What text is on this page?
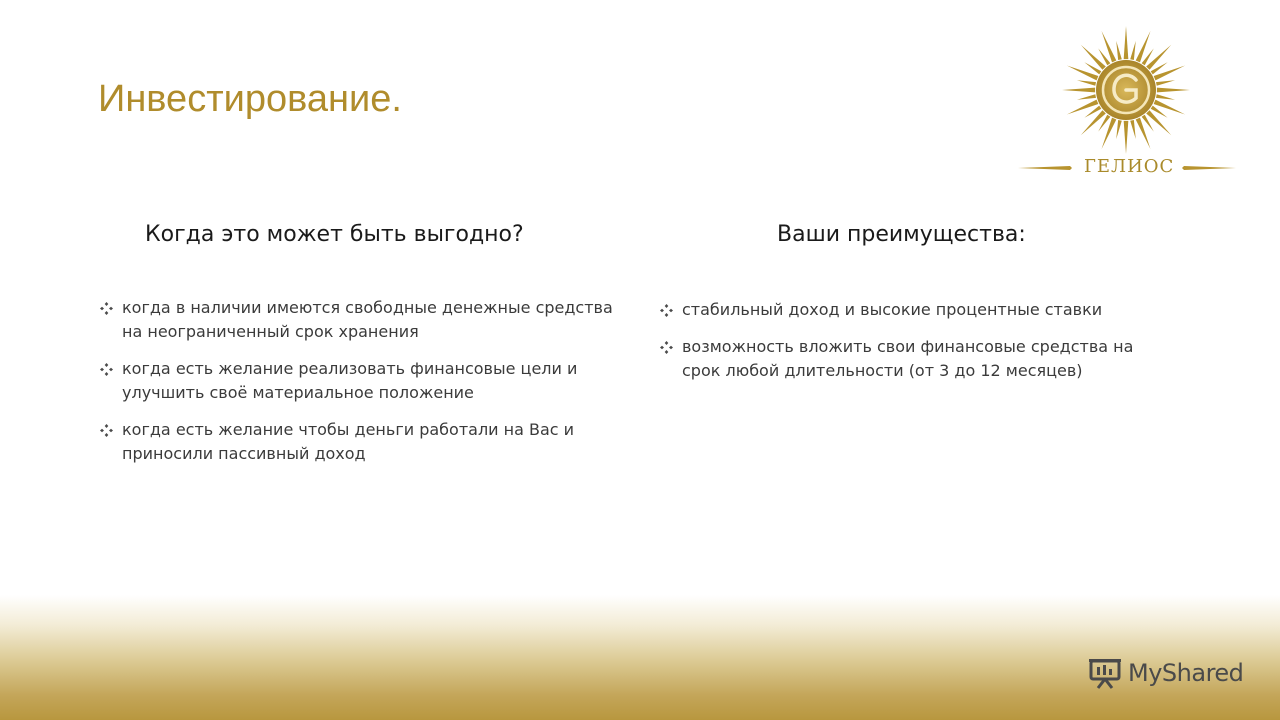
Инвестирование.
ГЕЛИОС
Когда это может быть выгодно?
когда в наличии имеются свободные денежные средства на неограниченный срок хранения
когда есть желание реализовать финансовые цели и улучшить своё материальное положение
когда есть желание чтобы деньги работали на Вас и приносили пассивный доход
Ваши преимущества:
стабильный доход и высокие процентные ставки
возможность вложить свои финансовые средства на срок любой длительности (от 3 до 12 месяцев)
MyShared
